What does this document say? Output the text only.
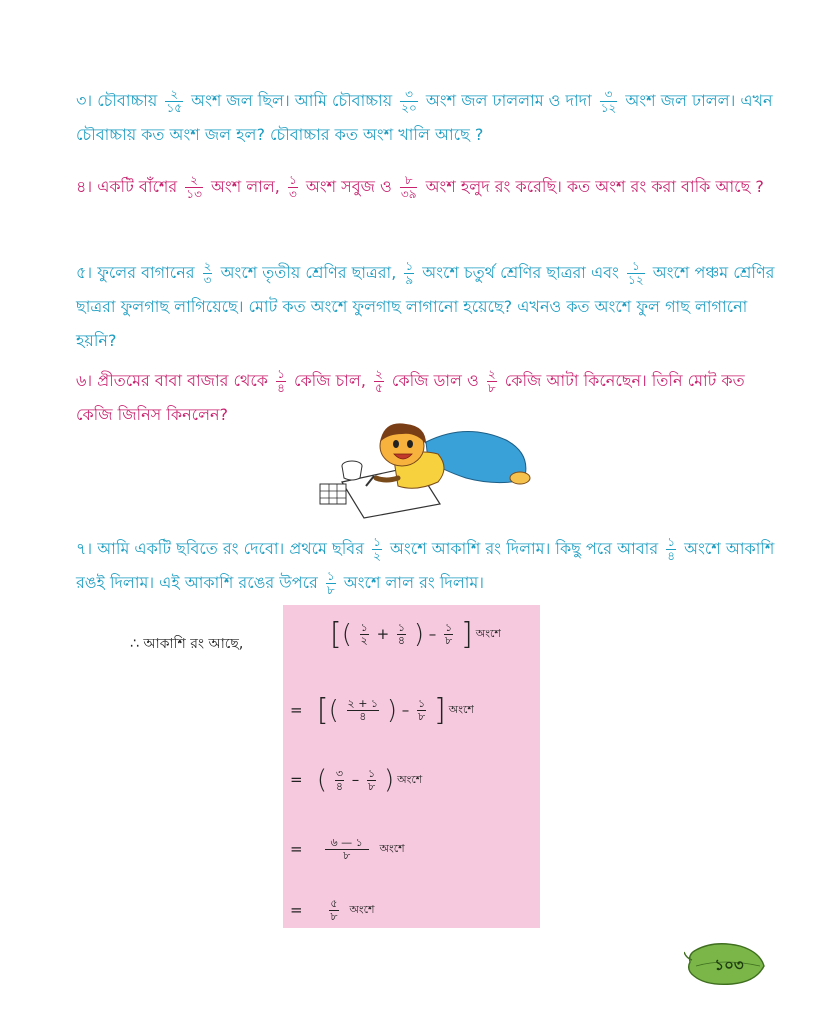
৩। চৌবাচ্চায় $\frac{২}{১৫}$ অংশ জল ছিল। আমি চৌবাচ্চায় $\frac{৩}{২০}$ অংশ জল ঢাললাম ও দাদা $\frac{৩}{১২}$ অংশ জল ঢালল। এখন চৌবাচ্চায় কত অংশ জল হল? চৌবাচ্চার কত অংশ খালি আছে ?
৪। একটি বাঁশের $\frac{২}{১৩}$ অংশ লাল, $\frac{১}{৩}$ অংশ সবুজ ও $\frac{৮}{৩৯}$ অংশ হলুদ রং করেছি। কত অংশ রং করা বাকি আছে ?
৫। ফুলের বাগানের $\frac{২}{৩}$ অংশে তৃতীয় শ্রেণির ছাত্ররা, $\frac{১}{৯}$ অংশে চতুর্থ শ্রেণির ছাত্ররা এবং $\frac{১}{১২}$ অংশে পঞ্চম শ্রেণির ছাত্ররা ফুলগাছ লাগিয়েছে। মোট কত অংশে ফুলগাছ লাগানো হয়েছে? এখনও কত অংশে ফুল গাছ লাগানো হয়নি?
৬। প্রীতমের বাবা বাজার থেকে $\frac{১}{৪}$ কেজি চাল, $\frac{২}{৫}$ কেজি ডাল ও $\frac{২}{৮}$ কেজি আটা কিনেছেন। তিনি মোট কত কেজি জিনিস কিনলেন?
৭। আমি একটি ছবিতে রং দেবো। প্রথমে ছবির $\frac{১}{২}$ অংশে আকাশি রং দিলাম। কিছু পরে আবার $\frac{১}{৪}$ অংশে আকাশি রঙই দিলাম। এই আকাশি রঙের উপরে $\frac{১}{৮}$ অংশে লাল রং দিলাম।
∴ আকাশি রং আছে,	[( $\frac{১}{২} + \frac{১}{৪}$ ) – $\frac{১}{৮}$ ] অংশে
= [( $\frac{২ + ১}{৪}$ ) – $\frac{১}{৮}$ ] অংশে
= ( $\frac{৩}{৪} - \frac{১}{৮}$ ) অংশে
= $\frac{৬ — ১}{৮}$ অংশে
= $\frac{৫}{৮}$ অংশে
১০৩
